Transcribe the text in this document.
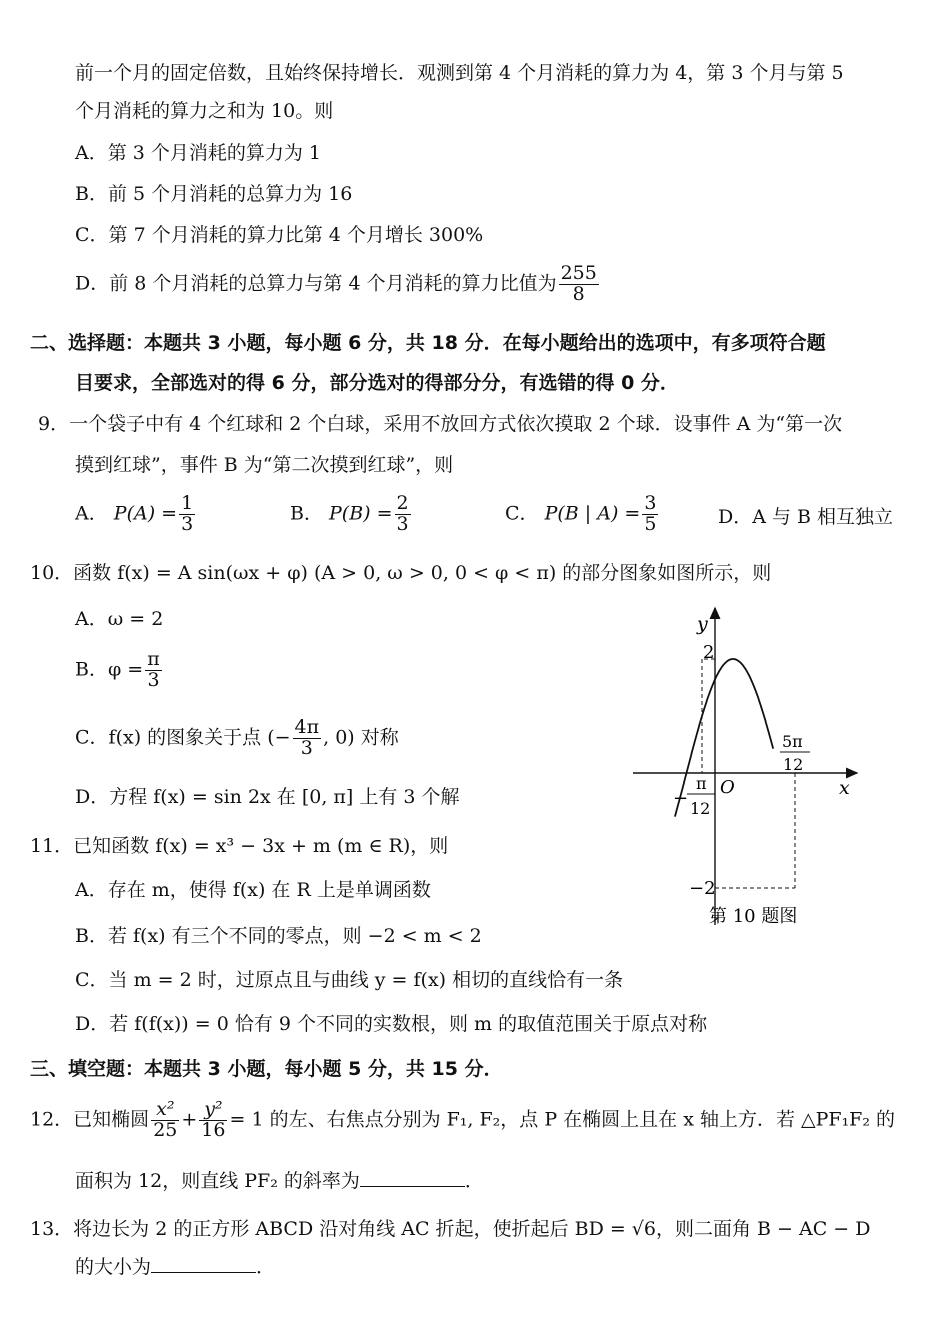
前一个月的固定倍数，且始终保持增长．观测到第 4 个月消耗的算力为 4，第 3 个月与第 5
个月消耗的算力之和为 10。则
A．第 3 个月消耗的算力为 1
B．前 5 个月消耗的总算力为 16
C．第 7 个月消耗的算力比第 4 个月增长 300%
D．前 8 个月消耗的总算力与第 4 个月消耗的算力比值为 $\frac{255}{8}$
二、选择题：本题共 3 小题，每小题 6 分，共 18 分．在每小题给出的选项中，有多项符合题
目要求，全部选对的得 6 分，部分选对的得部分分，有选错的得 0 分．
9．一个袋子中有 4 个红球和 2 个白球，采用不放回方式依次摸取 2 个球．设事件 A 为“第一次
摸到红球”，事件 B 为“第二次摸到红球”，则
A． $P(A) = \frac{1}{3}$	B． $P(B) = \frac{2}{3}$	C． P(B | $A) = \frac{3}{5}$	D．A 与 B 相互独立
10．函数 f(x) = A sin(ωx + φ) (A > 0, ω > 0, 0 < φ < π) 的部分图象如图所示，则
A．ω = 2
B．$\varphi = \frac{\pi}{3}$
C．f(x) 的图象关于点 (− $\frac{4\pi}{3}$ , 0) 对称
D．方程 f(x) = sin 2x 在 [0, π] 上有 3 个解
y
x
O
2
−2
−
π
12
5π
12
第 10 题图
11．已知函数 f(x) = x³ − 3x + m (m ∈ R)，则
A．存在 m，使得 f(x) 在 R 上是单调函数
B．若 f(x) 有三个不同的零点，则 −2 < m < 2
C．当 m = 2 时，过原点且与曲线 y = f(x) 相切的直线恰有一条
D．若 f(f(x)) = 0 恰有 9 个不同的实数根，则 m 的取值范围关于原点对称
三、填空题：本题共 3 小题，每小题 5 分，共 15 分．
12．已知椭圆 $\frac{\text{x²}}{25} + \frac{\text{y²}}{16} = 1$ 的左、右焦点分别为 F₁, F₂，点 P 在椭圆上且在 x 轴上方．若 △PF₁F₂ 的
面积为 12，则直线 PF₂ 的斜率为	．
13．将边长为 2 的正方形 ABCD 沿对角线 AC 折起，使折起后 BD = √6，则二面角 B − AC − D
的大小为	．
